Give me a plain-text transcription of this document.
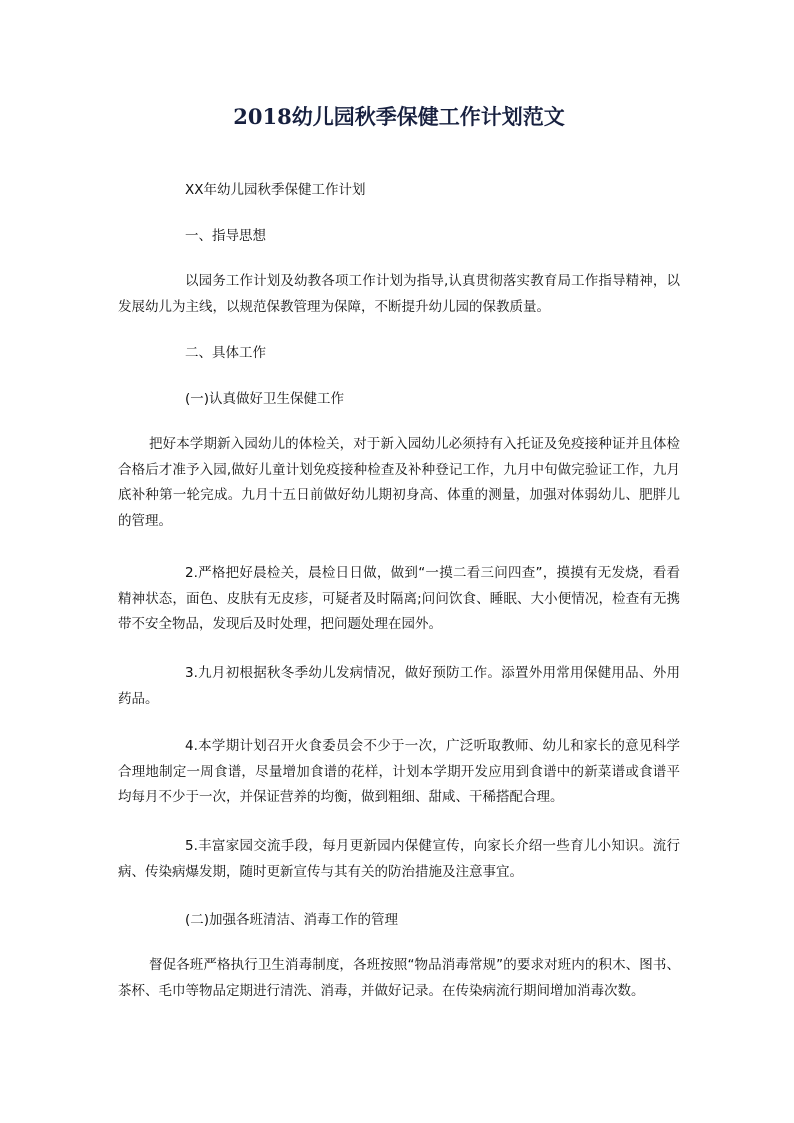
2018幼儿园秋季保健工作计划范文
XX年幼儿园秋季保健工作计划
一、指导思想
以园务工作计划及幼教各项工作计划为指导,认真贯彻落实教育局工作指导精神，以发展幼儿为主线，以规范保教管理为保障，不断提升幼儿园的保教质量。
二、具体工作
(一)认真做好卫生保健工作
把好本学期新入园幼儿的体检关，对于新入园幼儿必须持有入托证及免疫接种证并且体检合格后才准予入园,做好儿童计划免疫接种检查及补种登记工作，九月中旬做完验证工作，九月底补种第一轮完成。九月十五日前做好幼儿期初身高、体重的测量，加强对体弱幼儿、肥胖儿的管理。
2.严格把好晨检关，晨检日日做，做到“一摸二看三问四查”，摸摸有无发烧，看看精神状态，面色、皮肤有无皮疹，可疑者及时隔离;问问饮食、睡眠、大小便情况，检查有无携带不安全物品，发现后及时处理，把问题处理在园外。
3.九月初根据秋冬季幼儿发病情况，做好预防工作。添置外用常用保健用品、外用药品。
4.本学期计划召开火食委员会不少于一次，广泛听取教师、幼儿和家长的意见科学合理地制定一周食谱，尽量增加食谱的花样，计划本学期开发应用到食谱中的新菜谱或食谱平均每月不少于一次，并保证营养的均衡，做到粗细、甜咸、干稀搭配合理。
5.丰富家园交流手段，每月更新园内保健宣传，向家长介绍一些育儿小知识。流行病、传染病爆发期，随时更新宣传与其有关的防治措施及注意事宜。
(二)加强各班清洁、消毒工作的管理
督促各班严格执行卫生消毒制度，各班按照“物品消毒常规”的要求对班内的积木、图书、茶杯、毛巾等物品定期进行清洗、消毒，并做好记录。在传染病流行期间增加消毒次数。
